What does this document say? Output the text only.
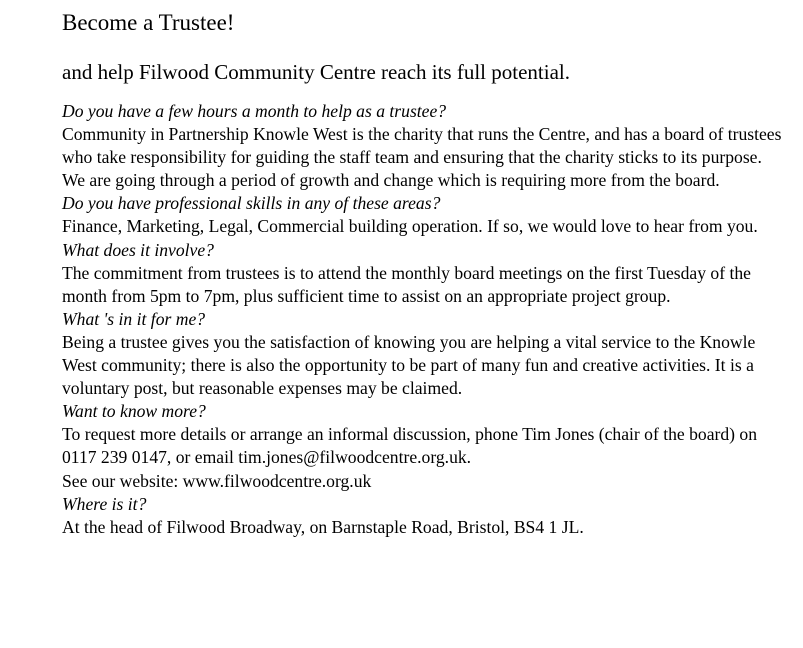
Become a Trustee!
and help Filwood Community Centre reach its full potential.
Do you have a few hours a month to help as a trustee?
Community in Partnership Knowle West is the charity that runs the Centre, and has a board of trustees who take responsibility for guiding the staff team and ensuring that the charity sticks to its purpose.
We are going through a period of growth and change which is requiring more from the board.
Do you have professional skills in any of these areas?
Finance, Marketing, Legal, Commercial building operation. If so, we would love to hear from you.
What does it involve?
The commitment from trustees is to attend the monthly board meetings on the first Tuesday of the month from 5pm to 7pm, plus sufficient time to assist on an appropriate project group.
What 's in it for me?
Being a trustee gives you the satisfaction of knowing you are helping a vital service to the Knowle West community; there is also the opportunity to be part of many fun and creative activities. It is a voluntary post, but reasonable expenses may be claimed.
Want to know more?
To request more details or arrange an informal discussion, phone Tim Jones (chair of the board) on 0117 239 0147, or email tim.jones@filwoodcentre.org.uk.
See our website: www.filwoodcentre.org.uk
Where is it?
At the head of Filwood Broadway, on Barnstaple Road, Bristol, BS4 1 JL.
